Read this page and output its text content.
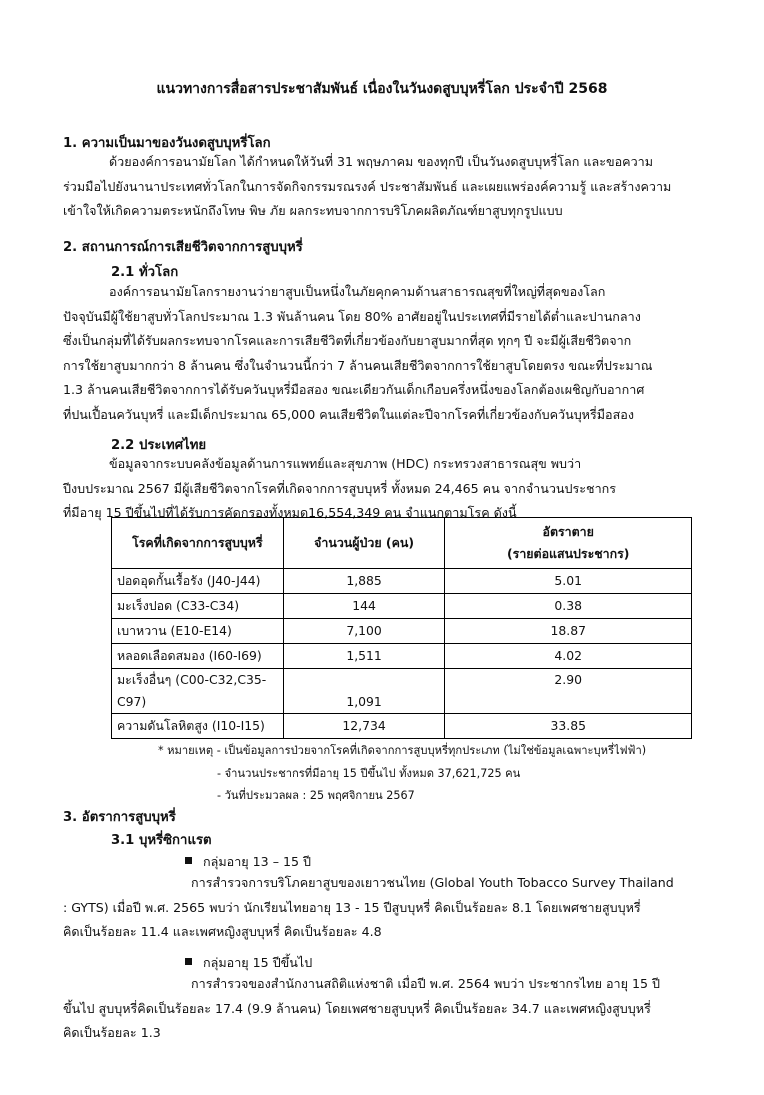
แนวทางการสื่อสารประชาสัมพันธ์ เนื่องในวันงดสูบบุหรี่โลก ประจำปี 2568
1. ความเป็นมาของวันงดสูบบุหรี่โลก

ด้วยองค์การอนามัยโลก ได้กำหนดให้วันที่ 31 พฤษภาคม ของทุกปี เป็นวันงดสูบบุหรี่โลก และขอความ
ร่วมมือไปยังนานาประเทศทั่วโลกในการจัดกิจกรรมรณรงค์ ประชาสัมพันธ์ และเผยแพร่องค์ความรู้ และสร้างความ
เข้าใจให้เกิดความตระหนักถึงโทษ พิษ ภัย ผลกระทบจากการบริโภคผลิตภัณฑ์ยาสูบทุกรูปแบบ

2. สถานการณ์การเสียชีวิตจากการสูบบุหรี่
2.1 ทั่วโลก

องค์การอนามัยโลกรายงานว่ายาสูบเป็นหนึ่งในภัยคุกคามด้านสาธารณสุขที่ใหญ่ที่สุดของโลก
ปัจจุบันมีผู้ใช้ยาสูบทั่วโลกประมาณ 1.3 พันล้านคน โดย 80% อาศัยอยู่ในประเทศที่มีรายได้ต่ำและปานกลาง
ซึ่งเป็นกลุ่มที่ได้รับผลกระทบจากโรคและการเสียชีวิตที่เกี่ยวข้องกับยาสูบมากที่สุด ทุกๆ ปี จะมีผู้เสียชีวิตจาก
การใช้ยาสูบมากกว่า 8 ล้านคน ซึ่งในจำนวนนี้กว่า 7 ล้านคนเสียชีวิตจากการใช้ยาสูบโดยตรง ขณะที่ประมาณ
1.3 ล้านคนเสียชีวิตจากการได้รับควันบุหรี่มือสอง ขณะเดียวกันเด็กเกือบครึ่งหนึ่งของโลกต้องเผชิญกับอากาศ
ที่ปนเปื้อนควันบุหรี่ และมีเด็กประมาณ 65,000 คนเสียชีวิตในแต่ละปีจากโรคที่เกี่ยวข้องกับควันบุหรี่มือสอง

2.2 ประเทศไทย

ข้อมูลจากระบบคลังข้อมูลด้านการแพทย์และสุขภาพ (HDC) กระทรวงสาธารณสุข พบว่า
ปีงบประมาณ 2567 มีผู้เสียชีวิตจากโรคที่เกิดจากการสูบบุหรี่ ทั้งหมด 24,465 คน จากจำนวนประชากร
ที่มีอายุ 15 ปีขึ้นไปที่ได้รับการคัดกรองทั้งหมด16,554,349 คน จำแนกตามโรค ดังนี้

โรคที่เกิดจากการสูบบุหรี่	จำนวนผู้ป่วย (คน)	อัตราตาย
(รายต่อแสนประชากร)
ปอดอุดกั้นเรื้อรัง (J40-J44)	1,885	5.01
มะเร็งปอด (C33-C34)	144	0.38
เบาหวาน (E10-E14)	7,100	18.87
หลอดเลือดสมอง (I60-I69)	1,511	4.02
มะเร็งอื่นๆ (C00-C32,C35-
C97)	1,091	2.90
ความดันโลหิตสูง (I10-I15)	12,734	33.85

* หมายเหตุ - เป็นข้อมูลการป่วยจากโรคที่เกิดจากการสูบบุหรี่ทุกประเภท (ไม่ใช่ข้อมูลเฉพาะบุหรี่ไฟฟ้า)

- จำนวนประชากรที่มีอายุ 15 ปีขึ้นไป ทั้งหมด 37,621,725 คน

- วันที่ประมวลผล : 25 พฤศจิกายน 2567

3. อัตราการสูบบุหรี่
3.1 บุหรี่ซิกาแรต

กลุ่มอายุ 13 – 15 ปี

การสำรวจการบริโภคยาสูบของเยาวชนไทย (Global Youth Tobacco Survey Thailand
: GYTS) เมื่อปี พ.ศ. 2565 พบว่า นักเรียนไทยอายุ 13 - 15 ปีสูบบุหรี่ คิดเป็นร้อยละ 8.1 โดยเพศชายสูบบุหรี่
คิดเป็นร้อยละ 11.4 และเพศหญิงสูบบุหรี่ คิดเป็นร้อยละ 4.8

กลุ่มอายุ 15 ปีขึ้นไป

การสำรวจของสำนักงานสถิติแห่งชาติ เมื่อปี พ.ศ. 2564 พบว่า ประชากรไทย อายุ 15 ปี
ขึ้นไป สูบบุหรี่คิดเป็นร้อยละ 17.4 (9.9 ล้านคน) โดยเพศชายสูบบุหรี่ คิดเป็นร้อยละ 34.7 และเพศหญิงสูบบุหรี่
คิดเป็นร้อยละ 1.3
